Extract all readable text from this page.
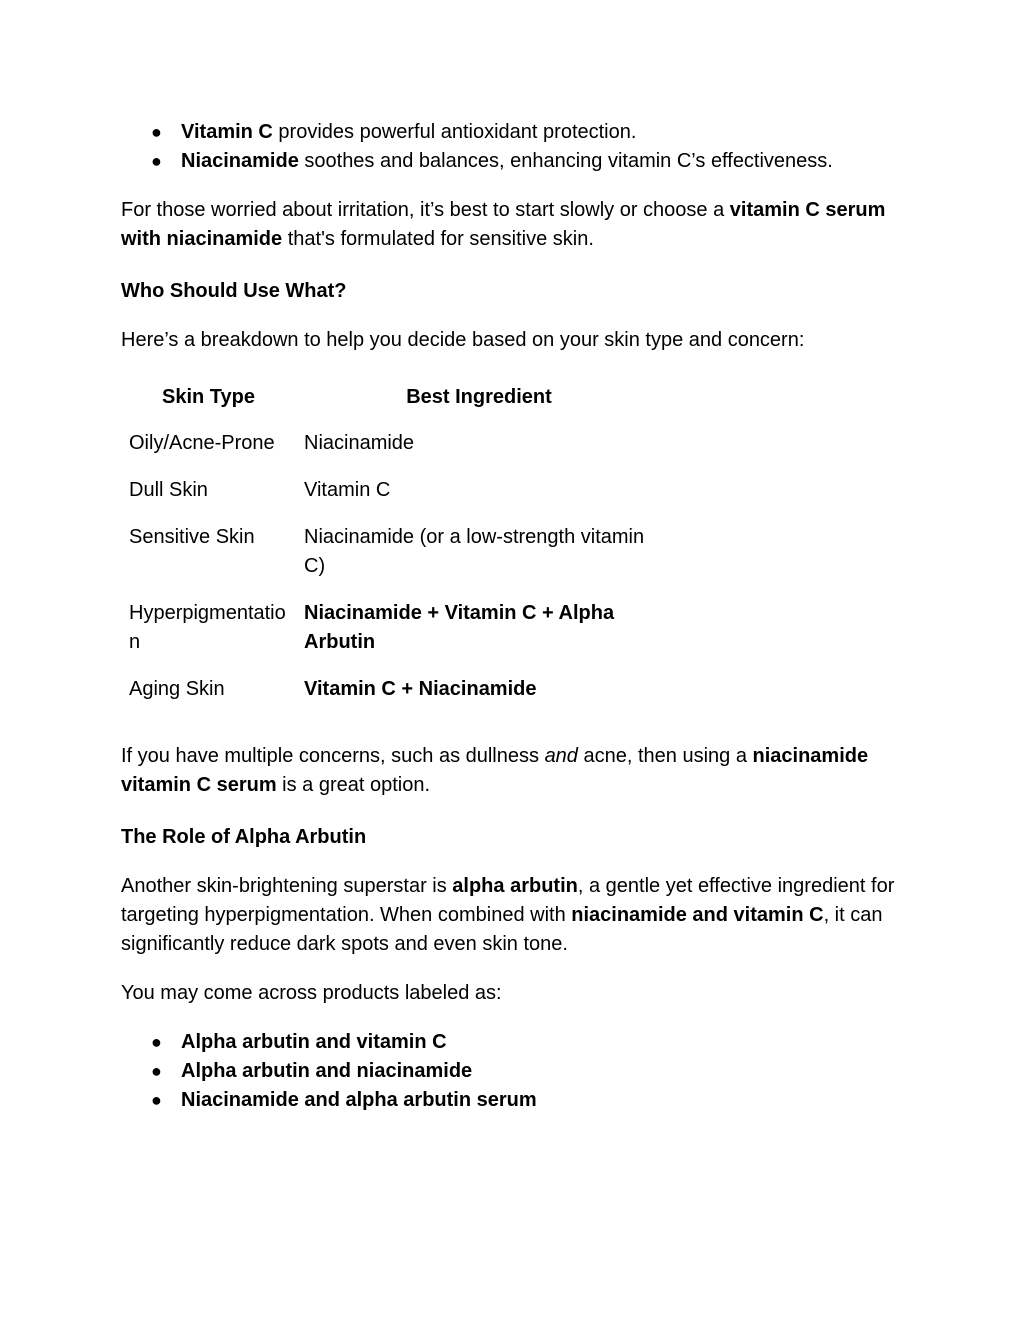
● Vitamin C provides powerful antioxidant protection.
● Niacinamide soothes and balances, enhancing vitamin C’s effectiveness.

For those worried about irritation, it’s best to start slowly or choose a vitamin C serum with niacinamide that's formulated for sensitive skin.

Who Should Use What?

Here’s a breakdown to help you decide based on your skin type and concern:

Skin Type	Best Ingredient
Oily/Acne-Prone	Niacinamide
Dull Skin	Vitamin C
Sensitive Skin	Niacinamide (or a low-strength vitamin C)
Hyperpigmentation	Niacinamide + Vitamin C + Alpha Arbutin
Aging Skin	Vitamin C + Niacinamide

If you have multiple concerns, such as dullness and acne, then using a niacinamide vitamin C serum is a great option.

The Role of Alpha Arbutin

Another skin-brightening superstar is alpha arbutin, a gentle yet effective ingredient for targeting hyperpigmentation. When combined with niacinamide and vitamin C, it can significantly reduce dark spots and even skin tone.

You may come across products labeled as:

● Alpha arbutin and vitamin C
● Alpha arbutin and niacinamide
● Niacinamide and alpha arbutin serum
